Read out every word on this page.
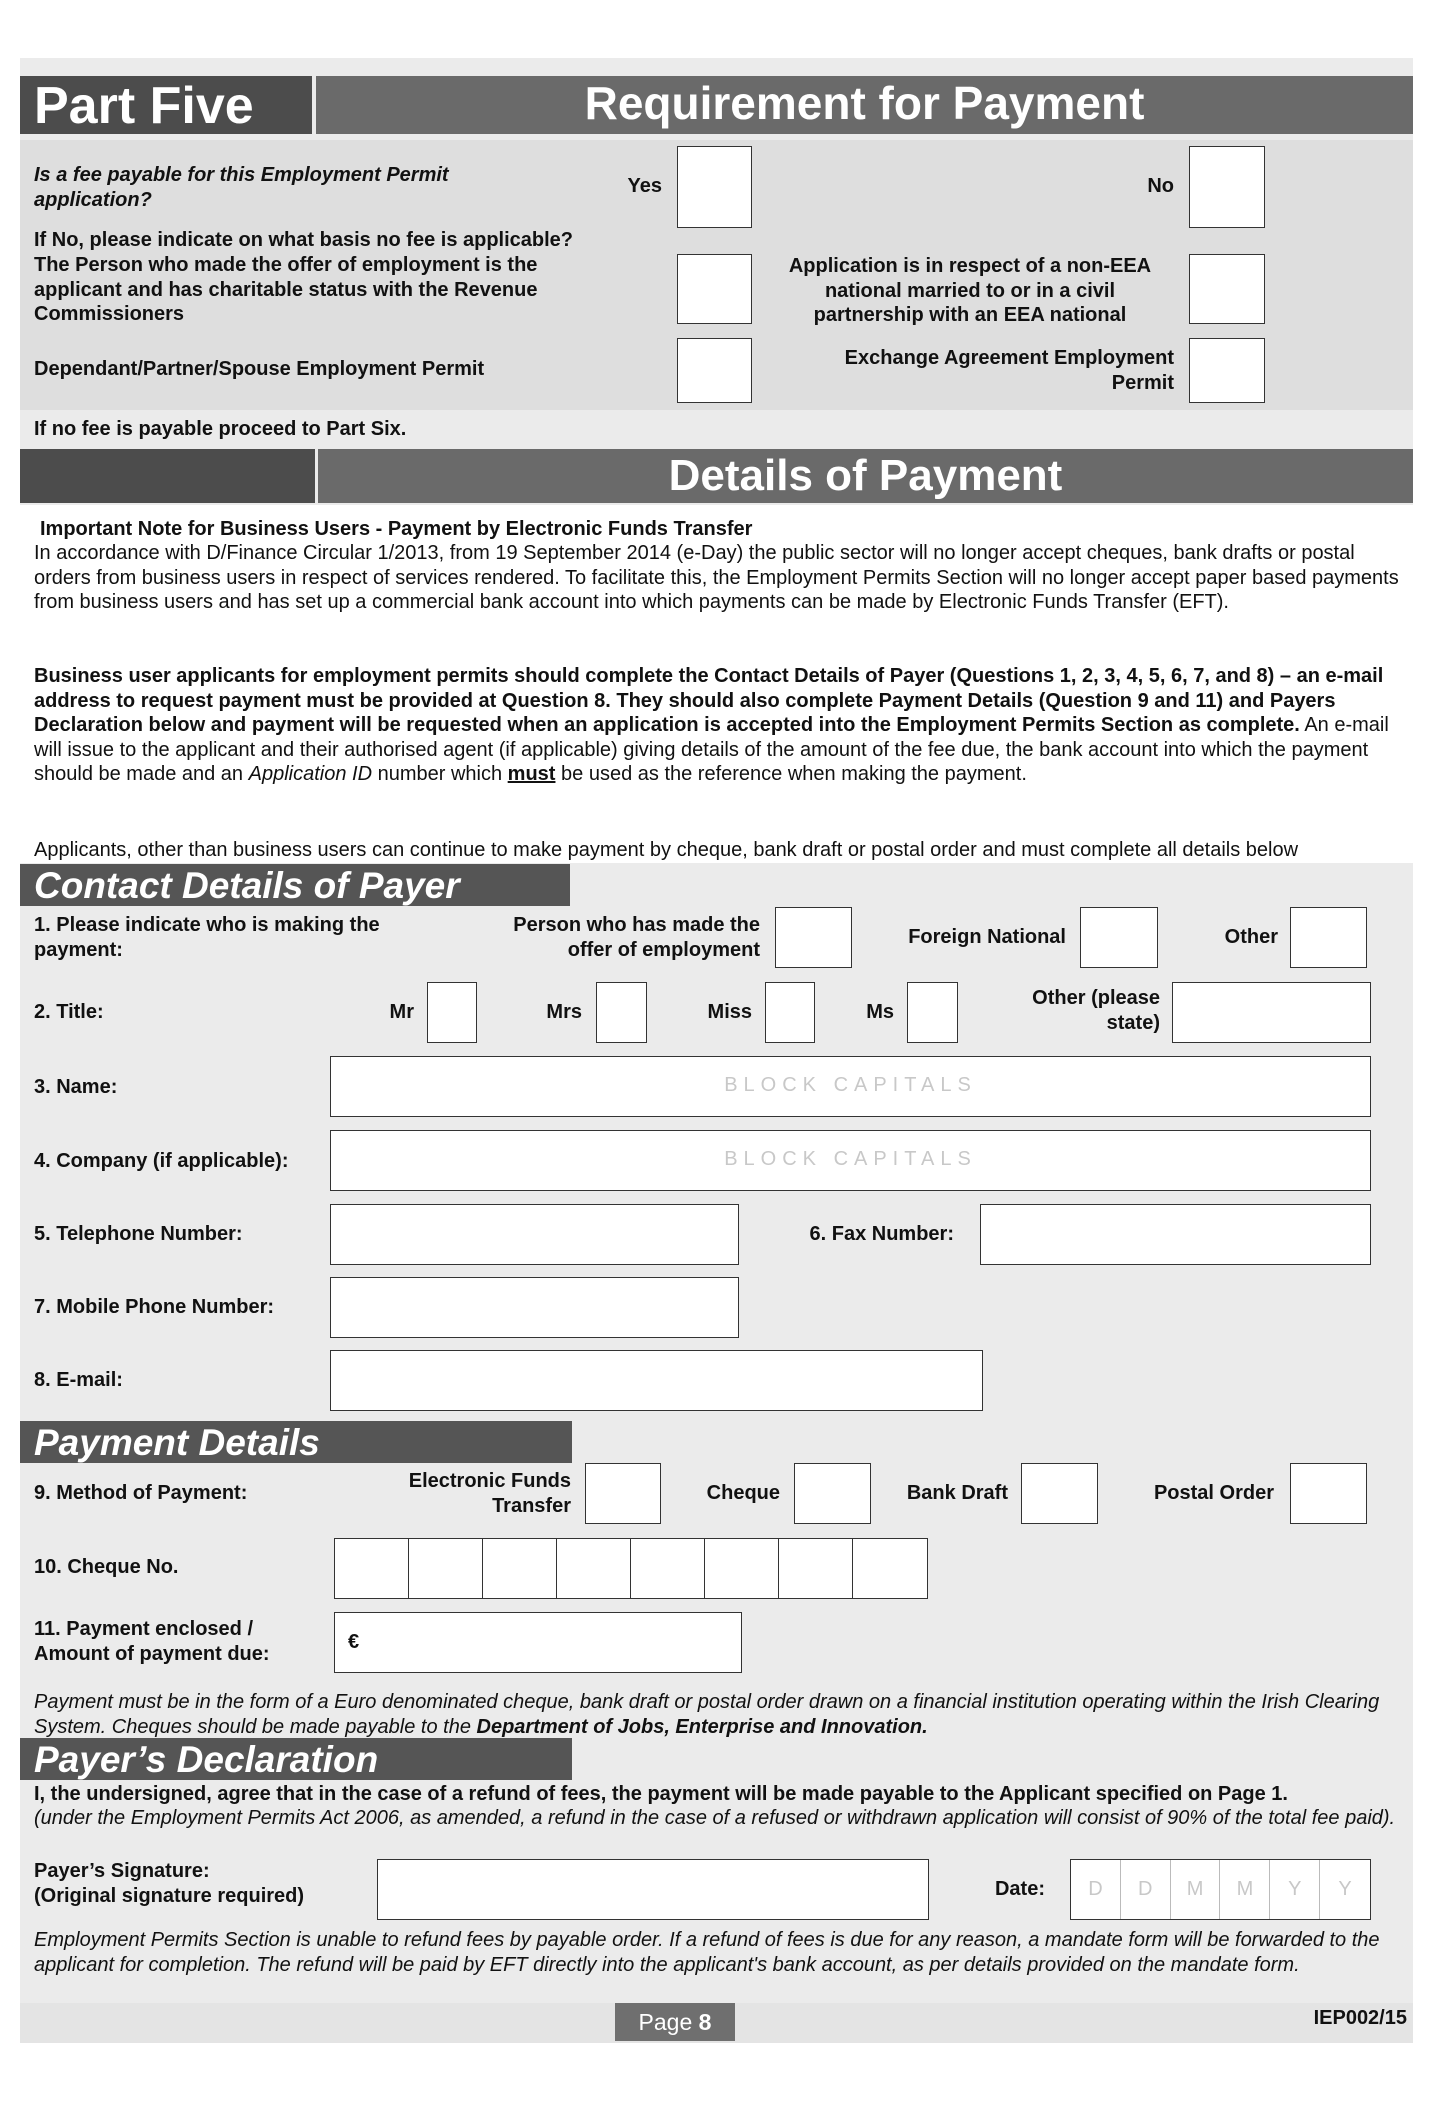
Part Five	Requirement for Payment
Is a fee payable for this Employment Permit application?
Yes	No
If No, please indicate on what basis no fee is applicable?
The Person who made the offer of employment is the applicant and has charitable status with the Revenue Commissioners
Application is in respect of a non-EEA national married to or in a civil partnership with an EEA national
Dependant/Partner/Spouse Employment Permit	Exchange Agreement Employment Permit
If no fee is payable proceed to Part Six.
Details of Payment
Important Note for Business Users - Payment by Electronic Funds Transfer
In accordance with D/Finance Circular 1/2013, from 19 September 2014 (e-Day) the public sector will no longer accept cheques, bank drafts or postal orders from business users in respect of services rendered. To facilitate this, the Employment Permits Section will no longer accept paper based payments from business users and has set up a commercial bank account into which payments can be made by Electronic Funds Transfer (EFT).
Business user applicants for employment permits should complete the Contact Details of Payer (Questions 1, 2, 3, 4, 5, 6, 7, and 8) – an e-mail address to request payment must be provided at Question 8. They should also complete Payment Details (Question 9 and 11) and Payers Declaration below and payment will be requested when an application is accepted into the Employment Permits Section as complete. An e-mail will issue to the applicant and their authorised agent (if applicable) giving details of the amount of the fee due, the bank account into which the payment should be made and an Application ID number which must be used as the reference when making the payment.
Applicants, other than business users can continue to make payment by cheque, bank draft or postal order and must complete all details below
Contact Details of Payer
1. Please indicate who is making the payment:
Person who has made the offer of employment
Foreign National	Other
2. Title:	Mr	Mrs	Miss	Ms
Other (please state)
3. Name:	BLOCK CAPITALS
4. Company (if applicable):	BLOCK CAPITALS
5. Telephone Number:	6. Fax Number:
7. Mobile Phone Number:
8. E-mail:
Payment Details
9. Method of Payment:
Electronic Funds Transfer
Cheque	Bank Draft	Postal Order
10. Cheque No.
11. Payment enclosed / Amount of payment due:
€
Payment must be in the form of a Euro denominated cheque, bank draft or postal order drawn on a financial institution operating within the Irish Clearing System. Cheques should be made payable to the Department of Jobs, Enterprise and Innovation.
Payer’s Declaration
I, the undersigned, agree that in the case of a refund of fees, the payment will be made payable to the Applicant specified on Page 1.
(under the Employment Permits Act 2006, as amended, a refund in the case of a refused or withdrawn application will consist of 90% of the total fee paid).
Payer’s Signature:
(Original signature required)	Date:	D	D	M	M	Y	Y
Employment Permits Section is unable to refund fees by payable order. If a refund of fees is due for any reason, a mandate form will be forwarded to the applicant for completion. The refund will be paid by EFT directly into the applicant's bank account, as per details provided on the mandate form.
Page 8	IEP002/15
